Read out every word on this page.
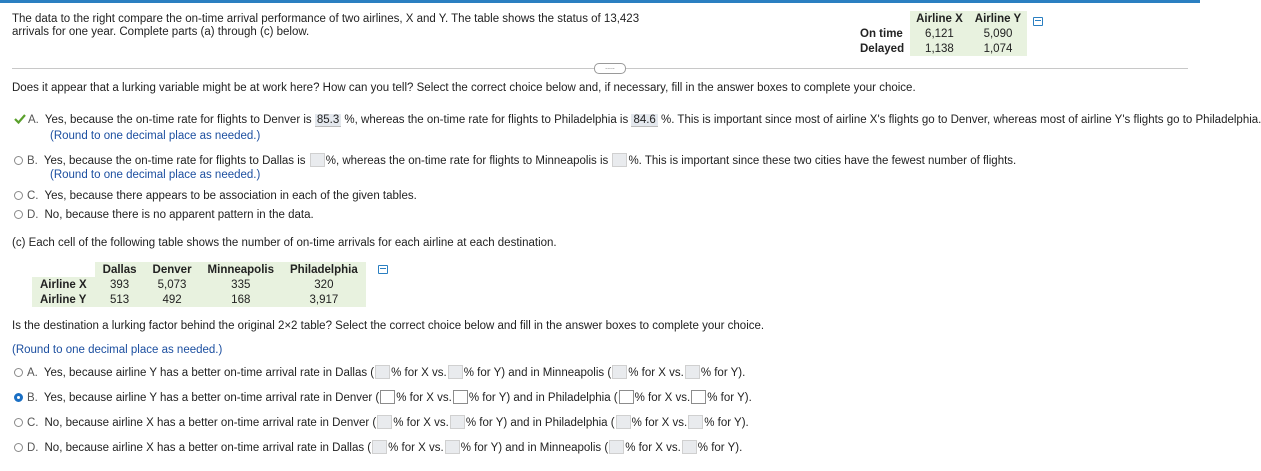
The data to the right compare the on-time arrival performance of two airlines, X and Y. The table shows the status of 13,423 arrivals for one year. Complete parts (a) through (c) below.
	Airline X	Airline Y
On time	6,121	5,090
Delayed	1,138	1,074
.....
Does it appear that a lurking variable might be at work here? How can you tell? Select the correct choice below and, if necessary, fill in the answer boxes to complete your choice.
A. Yes, because the on-time rate for flights to Denver is 85.3 %, whereas the on-time rate for flights to Philadelphia is 84.6 %. This is important since most of airline X's flights go to Denver, whereas most of airline Y's flights go to Philadelphia.
(Round to one decimal place as needed.)
B. Yes, because the on-time rate for flights to Dallas is %, whereas the on-time rate for flights to Minneapolis is %. This is important since these two cities have the fewest number of flights.
(Round to one decimal place as needed.)
C. Yes, because there appears to be association in each of the given tables.
D. No, because there is no apparent pattern in the data.
(c) Each cell of the following table shows the number of on-time arrivals for each airline at each destination.
	Dallas	Denver	Minneapolis	Philadelphia
Airline X	393	5,073	335	320
Airline Y	513	492	168	3,917
Is the destination a lurking factor behind the original 2×2 table? Select the correct choice below and fill in the answer boxes to complete your choice.
(Round to one decimal place as needed.)
A. Yes, because airline Y has a better on-time arrival rate in Dallas ( % for X vs. % for Y) and in Minneapolis ( % for X vs. % for Y).
B. Yes, because airline Y has a better on-time arrival rate in Denver ( % for X vs. % for Y) and in Philadelphia ( % for X vs. % for Y).
C. No, because airline X has a better on-time arrival rate in Denver ( % for X vs. % for Y) and in Philadelphia ( % for X vs. % for Y).
D. No, because airline X has a better on-time arrival rate in Dallas ( % for X vs. % for Y) and in Minneapolis ( % for X vs. % for Y).
